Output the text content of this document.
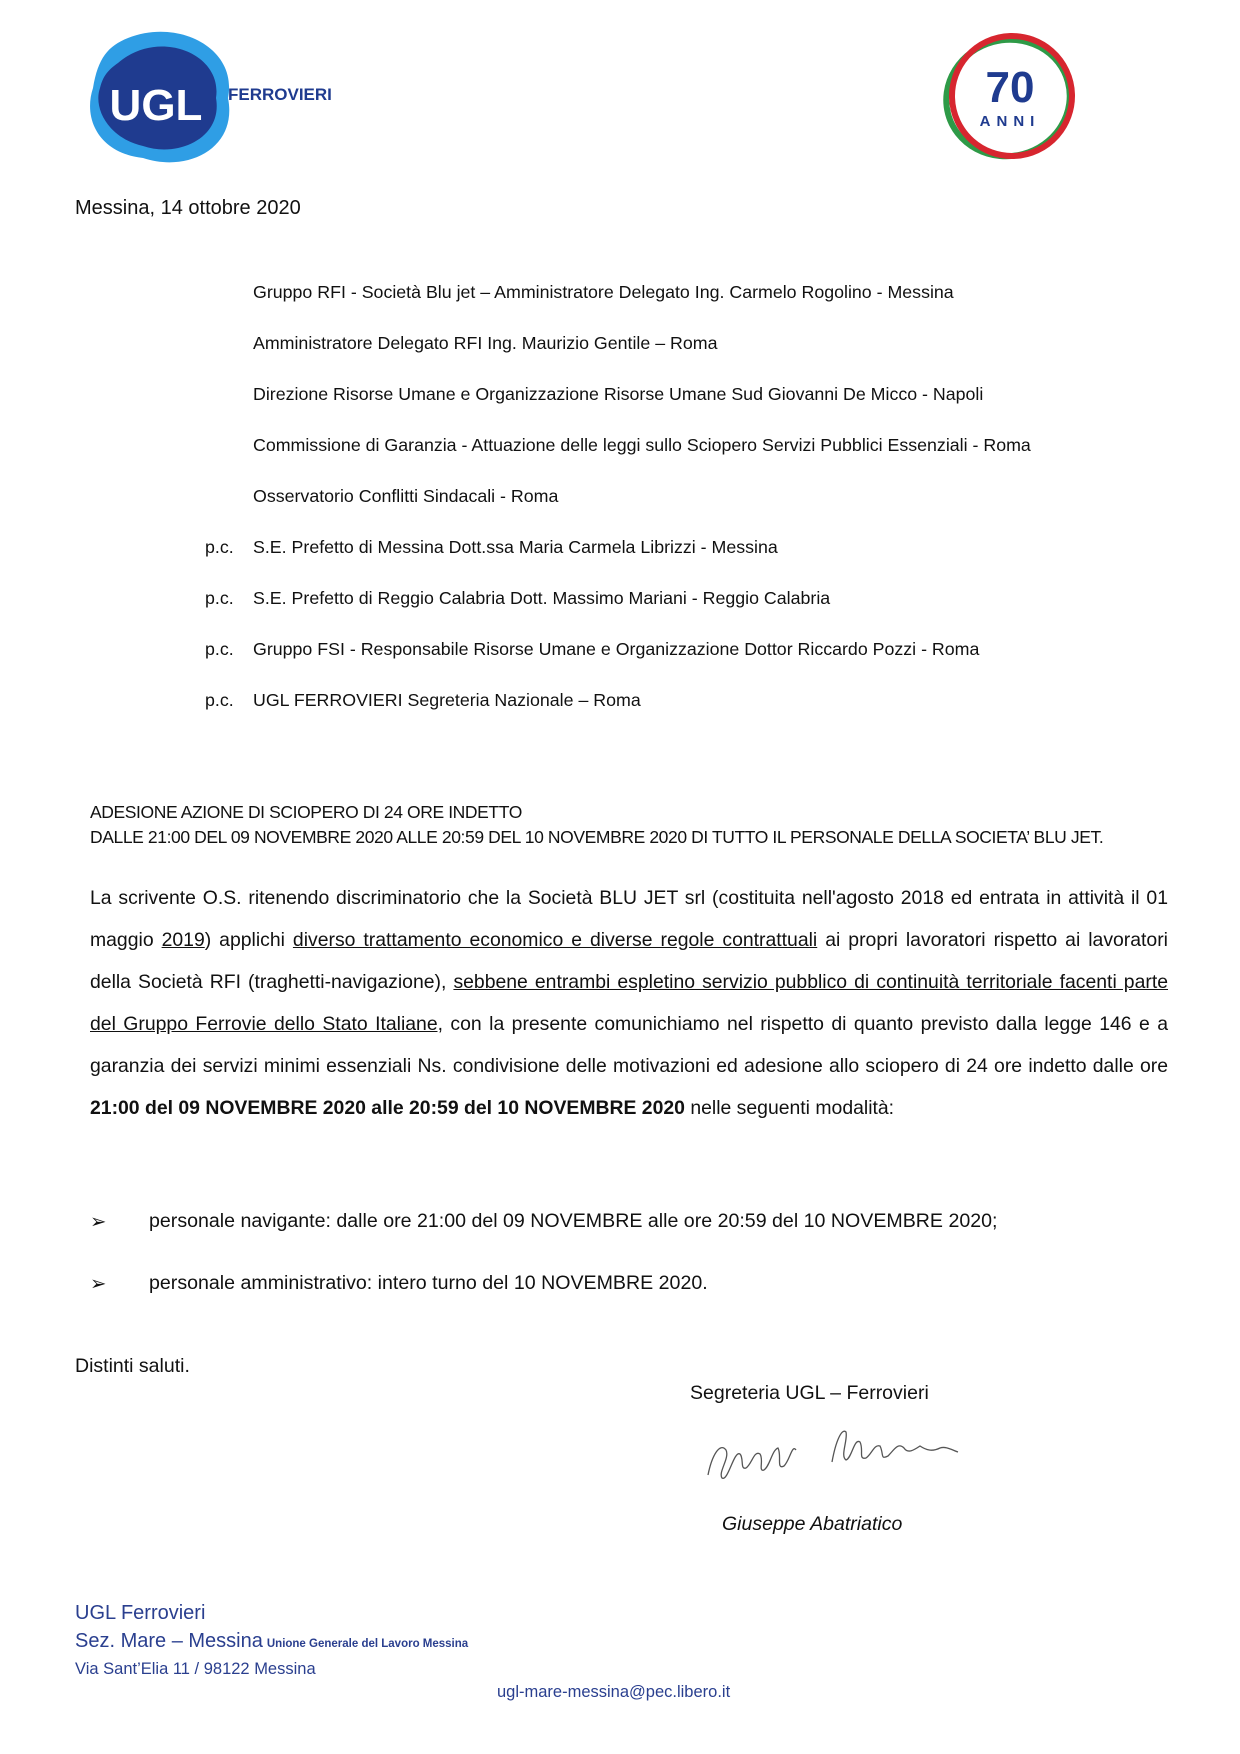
UGL FERROVIERI	70
ANNI
Messina, 14 ottobre 2020
Gruppo RFI - Società Blu jet – Amministratore Delegato Ing. Carmelo Rogolino - Messina
Amministratore Delegato RFI Ing. Maurizio Gentile – Roma
Direzione Risorse Umane e Organizzazione Risorse Umane Sud Giovanni De Micco - Napoli
Commissione di Garanzia - Attuazione delle leggi sullo Sciopero Servizi Pubblici Essenziali - Roma
Osservatorio Conflitti Sindacali - Roma
p.c. S.E. Prefetto di Messina Dott.ssa Maria Carmela Librizzi - Messina
p.c. S.E. Prefetto di Reggio Calabria Dott. Massimo Mariani - Reggio Calabria
p.c. Gruppo FSI - Responsabile Risorse Umane e Organizzazione Dottor Riccardo Pozzi - Roma
p.c. UGL FERROVIERI Segreteria Nazionale – Roma
ADESIONE AZIONE DI SCIOPERO DI 24 ORE INDETTO
DALLE 21:00 DEL 09 NOVEMBRE 2020 ALLE 20:59 DEL 10 NOVEMBRE 2020 DI TUTTO IL PERSONALE DELLA SOCIETA’ BLU JET.
La scrivente O.S. ritenendo discriminatorio che la Società BLU JET srl (costituita nell'agosto 2018 ed entrata in attività il 01 maggio 2019) applichi diverso trattamento economico e diverse regole contrattuali ai propri lavoratori rispetto ai lavoratori della Società RFI (traghetti-navigazione), sebbene entrambi espletino servizio pubblico di continuità territoriale facenti parte del Gruppo Ferrovie dello Stato Italiane, con la presente comunichiamo nel rispetto di quanto previsto dalla legge 146 e a garanzia dei servizi minimi essenziali Ns. condivisione delle motivazioni ed adesione allo sciopero di 24 ore indetto dalle ore 21:00 del 09 NOVEMBRE 2020 alle 20:59 del 10 NOVEMBRE 2020 nelle seguenti modalità:
➢ personale navigante: dalle ore 21:00 del 09 NOVEMBRE alle ore 20:59 del 10 NOVEMBRE 2020;
➢ personale amministrativo: intero turno del 10 NOVEMBRE 2020.
Distinti saluti.
Segreteria UGL – Ferrovieri
Giuseppe Abatriatico
UGL Ferrovieri
Sez. Mare – Messina Unione Generale del Lavoro Messina
Via Sant’Elia 11 / 98122 Messina
ugl-mare-messina@pec.libero.it
